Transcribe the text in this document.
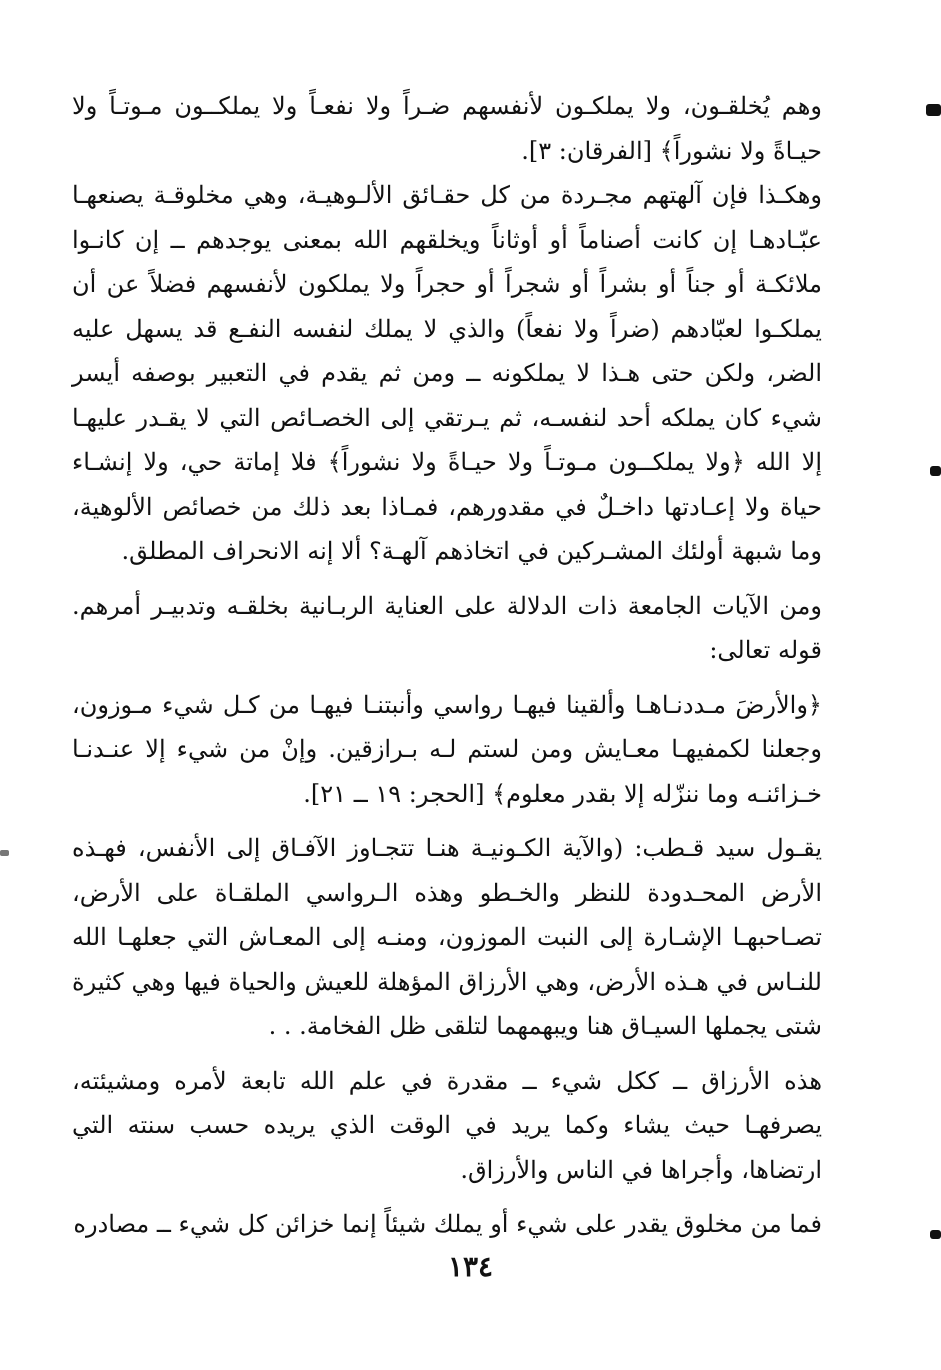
وهم يُخلقـون، ولا يملكـون لأنفسهم ضـراً ولا نفعـاً ولا يملكــون مـوتـاً ولا حيـاةً ولا نشوراً﴾ [الفرقان: ٣].

وهكـذا فإن آلهتهم مجـردة من كل حقـائق الألـوهيـة، وهي مخلوقـة يصنعهـا عبّـادهـا إن كانت أصناماً أو أوثاناً ويخلقهم الله بمعنى يوجدهم ــ إن كانـوا ملائكـة أو جناً أو بشراً أو شجراً أو حجراً ولا يملكون لأنفسهم فضلاً عن أن يملكـوا لعبّادهم (ضراً ولا نفعاً) والذي لا يملك لنفسه النفـع قد يسهل عليه الضر، ولكن حتى هـذا لا يملكونه ــ ومن ثم يقدم في التعبير بوصفه أيسر شيء كان يملكه أحد لنفسـه، ثم يـرتقي إلى الخصـائص التي لا يقـدر عليهـا إلا الله ﴿ولا يملكــون مـوتـاً ولا حيـاةً ولا نشوراً﴾ فلا إماتة حي، ولا إنشـاء حياة ولا إعـادتها داخـلٌ في مقدورهم، فمـاذا بعد ذلك من خصائص الألوهية، وما شبهة أولئك المشـركين في اتخاذهم آلهـة؟ ألا إنه الانحراف المطلق.

ومن الآيات الجامعة ذات الدلالة على العناية الربـانية بخلقـه وتدبيـر أمرهم. قوله تعالى:

﴿والأرضَ مـددنـاهـا وألقينا فيهـا رواسي وأنبتنـا فيهـا من كـل شيء مـوزون، وجعلنا لكمفيهـا معـايش ومن لستم لـه بـرازقين. وإنْ من شيء إلا عنـدنـا خـزائنـه وما ننزّله إلا بقدر معلوم﴾ [الحجر: ١٩ ــ ٢١].

يقـول سيد قـطب: (والآية الكـونيـة هنـا تتجـاوز الآفـاق إلى الأنفس، فهـذه الأرض المحـدودة للنظر والخـطو وهذه الـرواسي الملقـاة على الأرض، تصـاحبهـا الإشـارة إلى النبت الموزون، ومنـه إلى المعـاش التي جعلهـا الله للنـاس في هـذه الأرض، وهي الأرزاق المؤهلة للعيش والحياة فيها وهي كثيرة شتى يجملها السيـاق هنا ويبهمهما لتلقى ظل الفخامة. . .

هذه الأرزاق ــ ككل شيء ــ مقدرة في علم الله تابعة لأمره ومشيئته، يصرفهـا حيث يشاء وكما يريد في الوقت الذي يريده حسب سنته التي ارتضاها، وأجراها في الناس والأرزاق.

فما من مخلوق يقدر على شيء أو يملك شيئاً إنما خزائن كل شيء ــ مصادره

١٣٤
